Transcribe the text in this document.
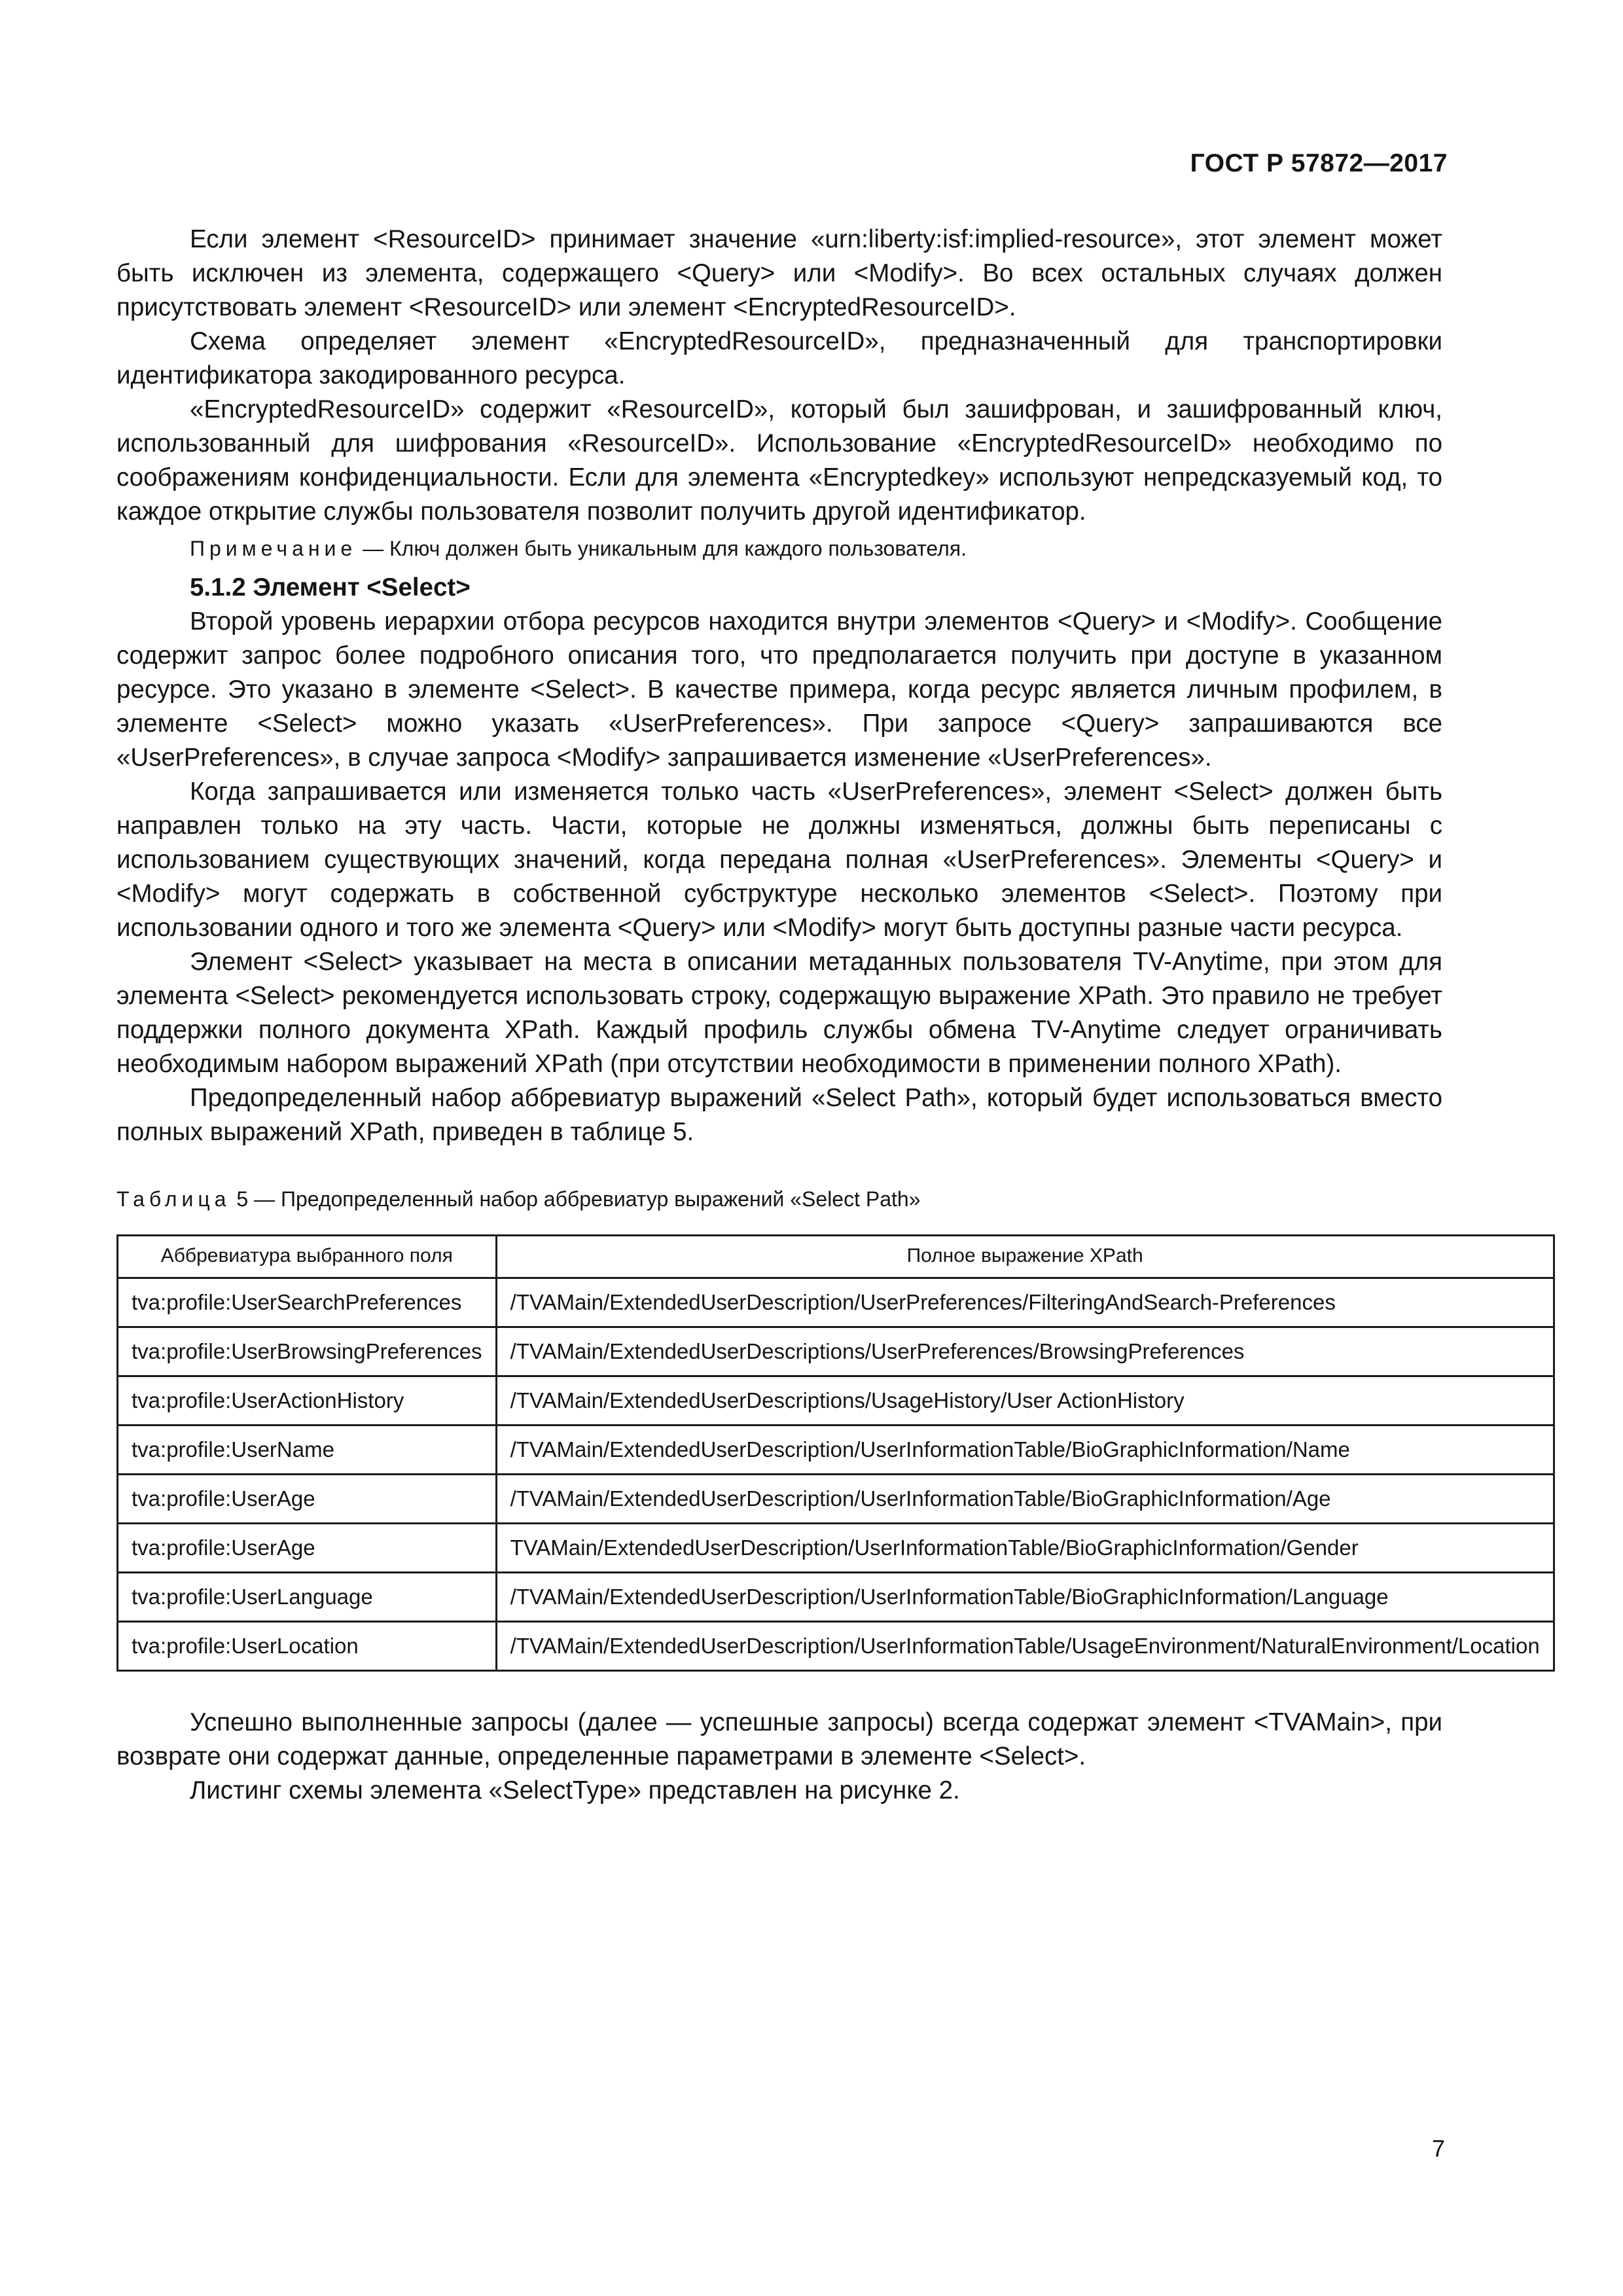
ГОСТ Р 57872—2017

Если элемент <ResourceID> принимает значение «urn:liberty:isf:implied-resource», этот элемент может быть исключен из элемента, содержащего <Query> или <Modify>. Во всех остальных случаях должен присутствовать элемент <ResourceID> или элемент <EncryptedResourceID>.

Схема определяет элемент «EncryptedResourceID», предназначенный для транспортировки идентификатора закодированного ресурса.

«EncryptedResourceID» содержит «ResourceID», который был зашифрован, и зашифрованный ключ, использованный для шифрования «ResourceID». Использование «EncryptedResourceID» необходимо по соображениям конфиденциальности. Если для элемента «Encryptedkey» используют непредсказуемый код, то каждое открытие службы пользователя позволит получить другой идентификатор.

Примечание — Ключ должен быть уникальным для каждого пользователя.

5.1.2 Элемент <Select>

Второй уровень иерархии отбора ресурсов находится внутри элементов <Query> и <Modify>. Сообщение содержит запрос более подробного описания того, что предполагается получить при доступе в указанном ресурсе. Это указано в элементе <Select>. В качестве примера, когда ресурс является личным профилем, в элементе <Select> можно указать «UserPreferences». При запросе <Query> запрашиваются все «UserPreferences», в случае запроса <Modify> запрашивается изменение «UserPreferences».

Когда запрашивается или изменяется только часть «UserPreferences», элемент <Select> должен быть направлен только на эту часть. Части, которые не должны изменяться, должны быть переписаны с использованием существующих значений, когда передана полная «UserPreferences». Элементы <Query> и <Modify> могут содержать в собственной субструктуре несколько элементов <Select>. Поэтому при использовании одного и того же элемента <Query> или <Modify> могут быть доступны разные части ресурса.

Элемент <Select> указывает на места в описании метаданных пользователя TV-Anytime, при этом для элемента <Select> рекомендуется использовать строку, содержащую выражение XPath. Это правило не требует поддержки полного документа XPath. Каждый профиль службы обмена TV-Anytime следует ограничивать необходимым набором выражений XPath (при отсутствии необходимости в применении полного XPath).

Предопределенный набор аббревиатур выражений «Select Path», который будет использоваться вместо полных выражений XPath, приведен в таблице 5.

Таблица 5 — Предопределенный набор аббревиатур выражений «Select Path»
Аббревиатура выбранного поля	Полное выражение XPath
tva:profile:UserSearchPreferences	/TVAMain/ExtendedUserDescription/UserPreferences/FilteringAndSearch-Preferences
tva:profile:UserBrowsingPreferences	/TVAMain/ExtendedUserDescriptions/UserPreferences/BrowsingPreferences
tva:profile:UserActionHistory	/TVAMain/ExtendedUserDescriptions/UsageHistory/User ActionHistory
tva:profile:UserName	/TVAMain/ExtendedUserDescription/UserInformationTable/BioGraphicInformation/Name
tva:profile:UserAge	/TVAMain/ExtendedUserDescription/UserInformationTable/BioGraphicInformation/Age
tva:profile:UserAge	TVAMain/ExtendedUserDescription/UserInformationTable/BioGraphicInformation/Gender
tva:profile:UserLanguage	/TVAMain/ExtendedUserDescription/UserInformationTable/BioGraphicInformation/Language
tva:profile:UserLocation	/TVAMain/ExtendedUserDescription/UserInformationTable/UsageEnvironment/NaturalEnvironment/Location

Успешно выполненные запросы (далее — успешные запросы) всегда содержат элемент <TVAMain>, при возврате они содержат данные, определенные параметрами в элементе <Select>.

Листинг схемы элемента «SelectType» представлен на рисунке 2.

7
